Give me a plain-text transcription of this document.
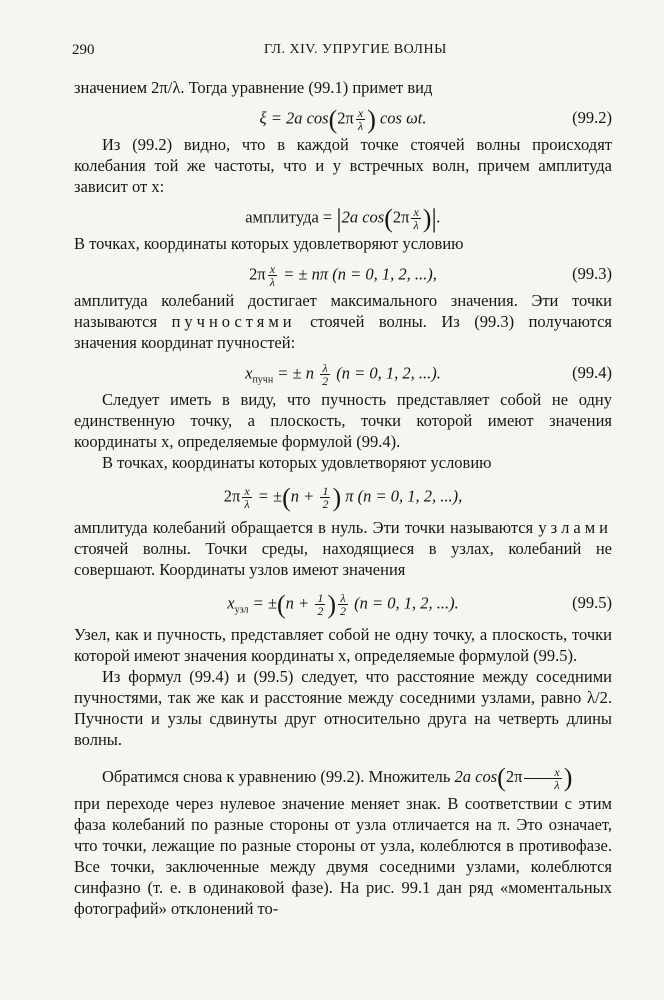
290	ГЛ. XIV. УПРУГИЕ ВОЛНЫ

значением 2π/λ. Тогда уравнение (99.1) примет вид

ξ = 2a $\cos(2\pi \frac{x}{\lambda}$ ) cos ωt.	(99.2)

Из (99.2) видно, что в каждой точке стоячей волны происходят колебания той же частоты, что и у встречных волн, причем амплитуда зависит от x:

амплитуда = |2a $\cos(2\pi \frac{x}{\lambda}$ )|.

В точках, координаты которых удовлетворяют условию

$2\pi \frac{x}{\lambda}$ = ± nπ (n = 0, 1, 2, ...),	(99.3)

амплитуда колебаний достигает максимального значения. Эти точки называются пучностями стоячей волны. Из (99.3) получаются значения координат пучностей:

$x_{пучн}$ = ± n $\frac{\lambda}{2} (n = 0$, 1, 2, ...).	(99.4)

Следует иметь в виду, что пучность представляет собой не одну единственную точку, а плоскость, точки которой имеют значения координаты x, определяемые формулой (99.4).

В точках, координаты которых удовлетворяют условию

$2\pi \frac{x}{\lambda} = \pm(n + \frac{1}{2}$ ) π (n = 0, 1, 2, ...),

амплитуда колебаний обращается в нуль. Эти точки называются узлами стоячей волны. Точки среды, находящиеся в узлах, колебаний не совершают. Координаты узлов имеют значения

$x_{узл} = \pm(n + \frac{1}{2}$ ) $\frac{\lambda}{2} (n = 0$, 1, 2, ...).	(99.5)

Узел, как и пучность, представляет собой не одну точку, а плоскость, точки которой имеют значения координаты x, определяемые формулой (99.5).

Из формул (99.4) и (99.5) следует, что расстояние между соседними пучностями, так же как и расстояние между соседними узлами, равно λ/2. Пучности и узлы сдвинуты друг относительно друга на четверть длины волны.

Обратимся снова к уравнению (99.2). Множитель 2a $\cos(2\pi \frac{x}{\lambda}$ )

при переходе через нулевое значение меняет знак. В соответствии с этим фаза колебаний по разные стороны от узла отличается на π. Это означает, что точки, лежащие по разные стороны от узла, колеблются в противофазе. Все точки, заключенные между двумя соседними узлами, колеблются синфазно (т. е. в одинаковой фазе). На рис. 99.1 дан ряд «моментальных фотографий» отклонений то-
